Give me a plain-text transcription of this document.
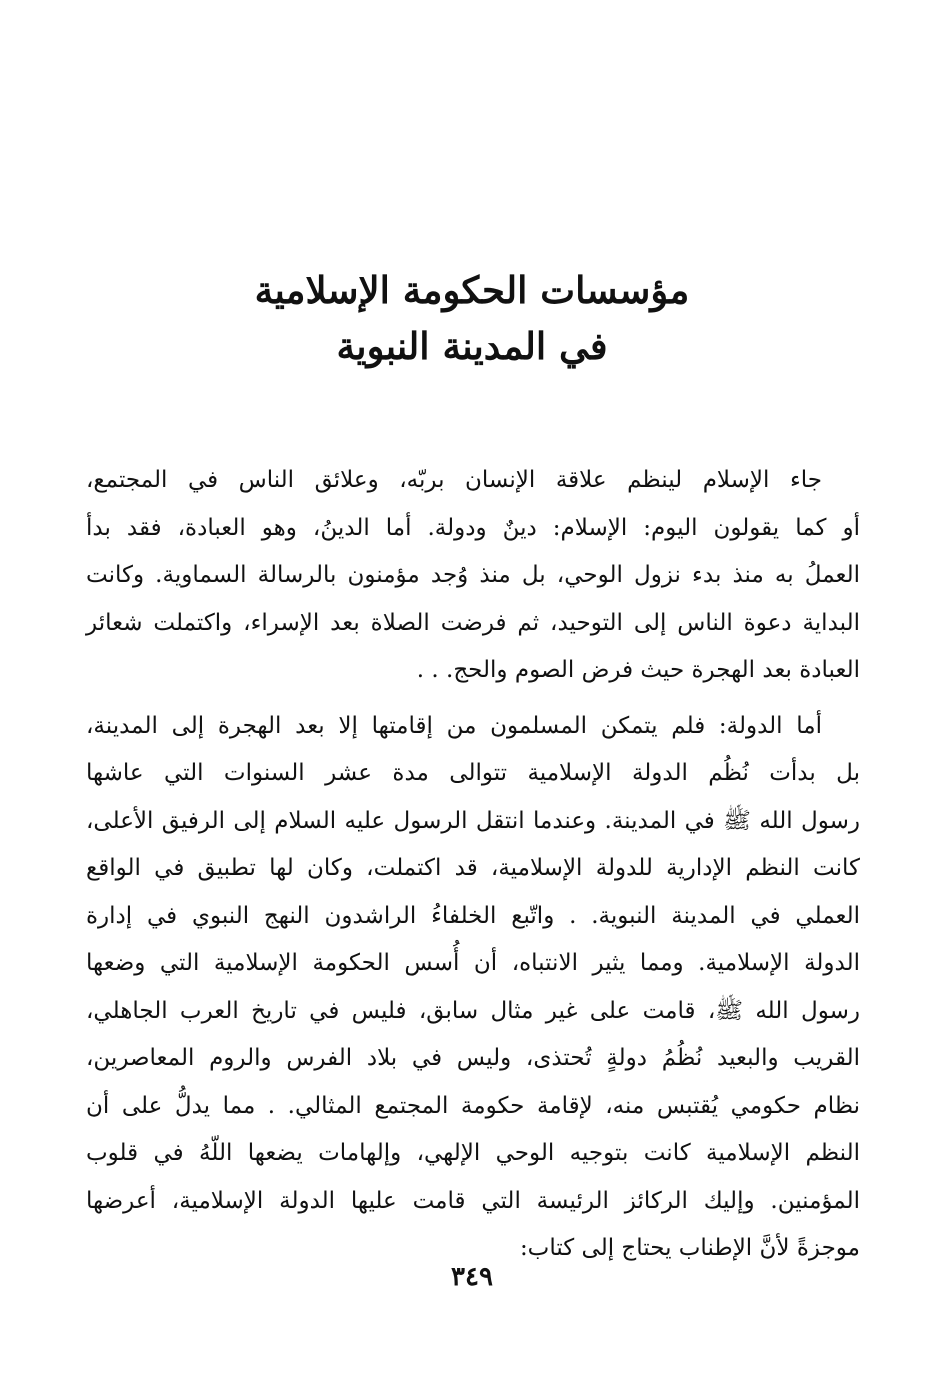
مؤسسات الحكومة الإسلامية
في المدينة النبوية
جاء الإسلام لينظم علاقة الإنسان بربّه، وعلائق الناس في المجتمع،
أو كما يقولون اليوم: الإسلام: دينٌ ودولة. أما الدينُ، وهو العبادة، فقد بدأ
العملُ به منذ بدء نزول الوحي، بل منذ وُجد مؤمنون بالرسالة السماوية. وكانت
البداية دعوة الناس إلى التوحيد، ثم فرضت الصلاة بعد الإسراء، واكتملت شعائر
العبادة بعد الهجرة حيث فرض الصوم والحج. . .
أما الدولة: فلم يتمكن المسلمون من إقامتها إلا بعد الهجرة إلى المدينة،
بل بدأت نُظُم الدولة الإسلامية تتوالى مدة عشر السنوات التي عاشها
رسول الله ﷺ في المدينة. وعندما انتقل الرسول عليه السلام إلى الرفيق الأعلى،
كانت النظم الإدارية للدولة الإسلامية، قد اكتملت، وكان لها تطبيق في الواقع
العملي في المدينة النبوية. . واتّبع الخلفاءُ الراشدون النهج النبوي في إدارة
الدولة الإسلامية. ومما يثير الانتباه، أن أُسس الحكومة الإسلامية التي وضعها
رسول الله ﷺ، قامت على غير مثال سابق، فليس في تاريخ العرب الجاهلي،
القريب والبعيد نُظُمُ دولةٍ تُحتذى، وليس في بلاد الفرس والروم المعاصرين،
نظام حكومي يُقتبس منه، لإقامة حكومة المجتمع المثالي. . مما يدلُّ على أن
النظم الإسلامية كانت بتوجيه الوحي الإلهي، وإلهامات يضعها اللّهُ في قلوب
المؤمنين. وإليك الركائز الرئيسة التي قامت عليها الدولة الإسلامية، أعرضها
موجزةً لأنَّ الإطناب يحتاج إلى كتاب:
٣٤٩
